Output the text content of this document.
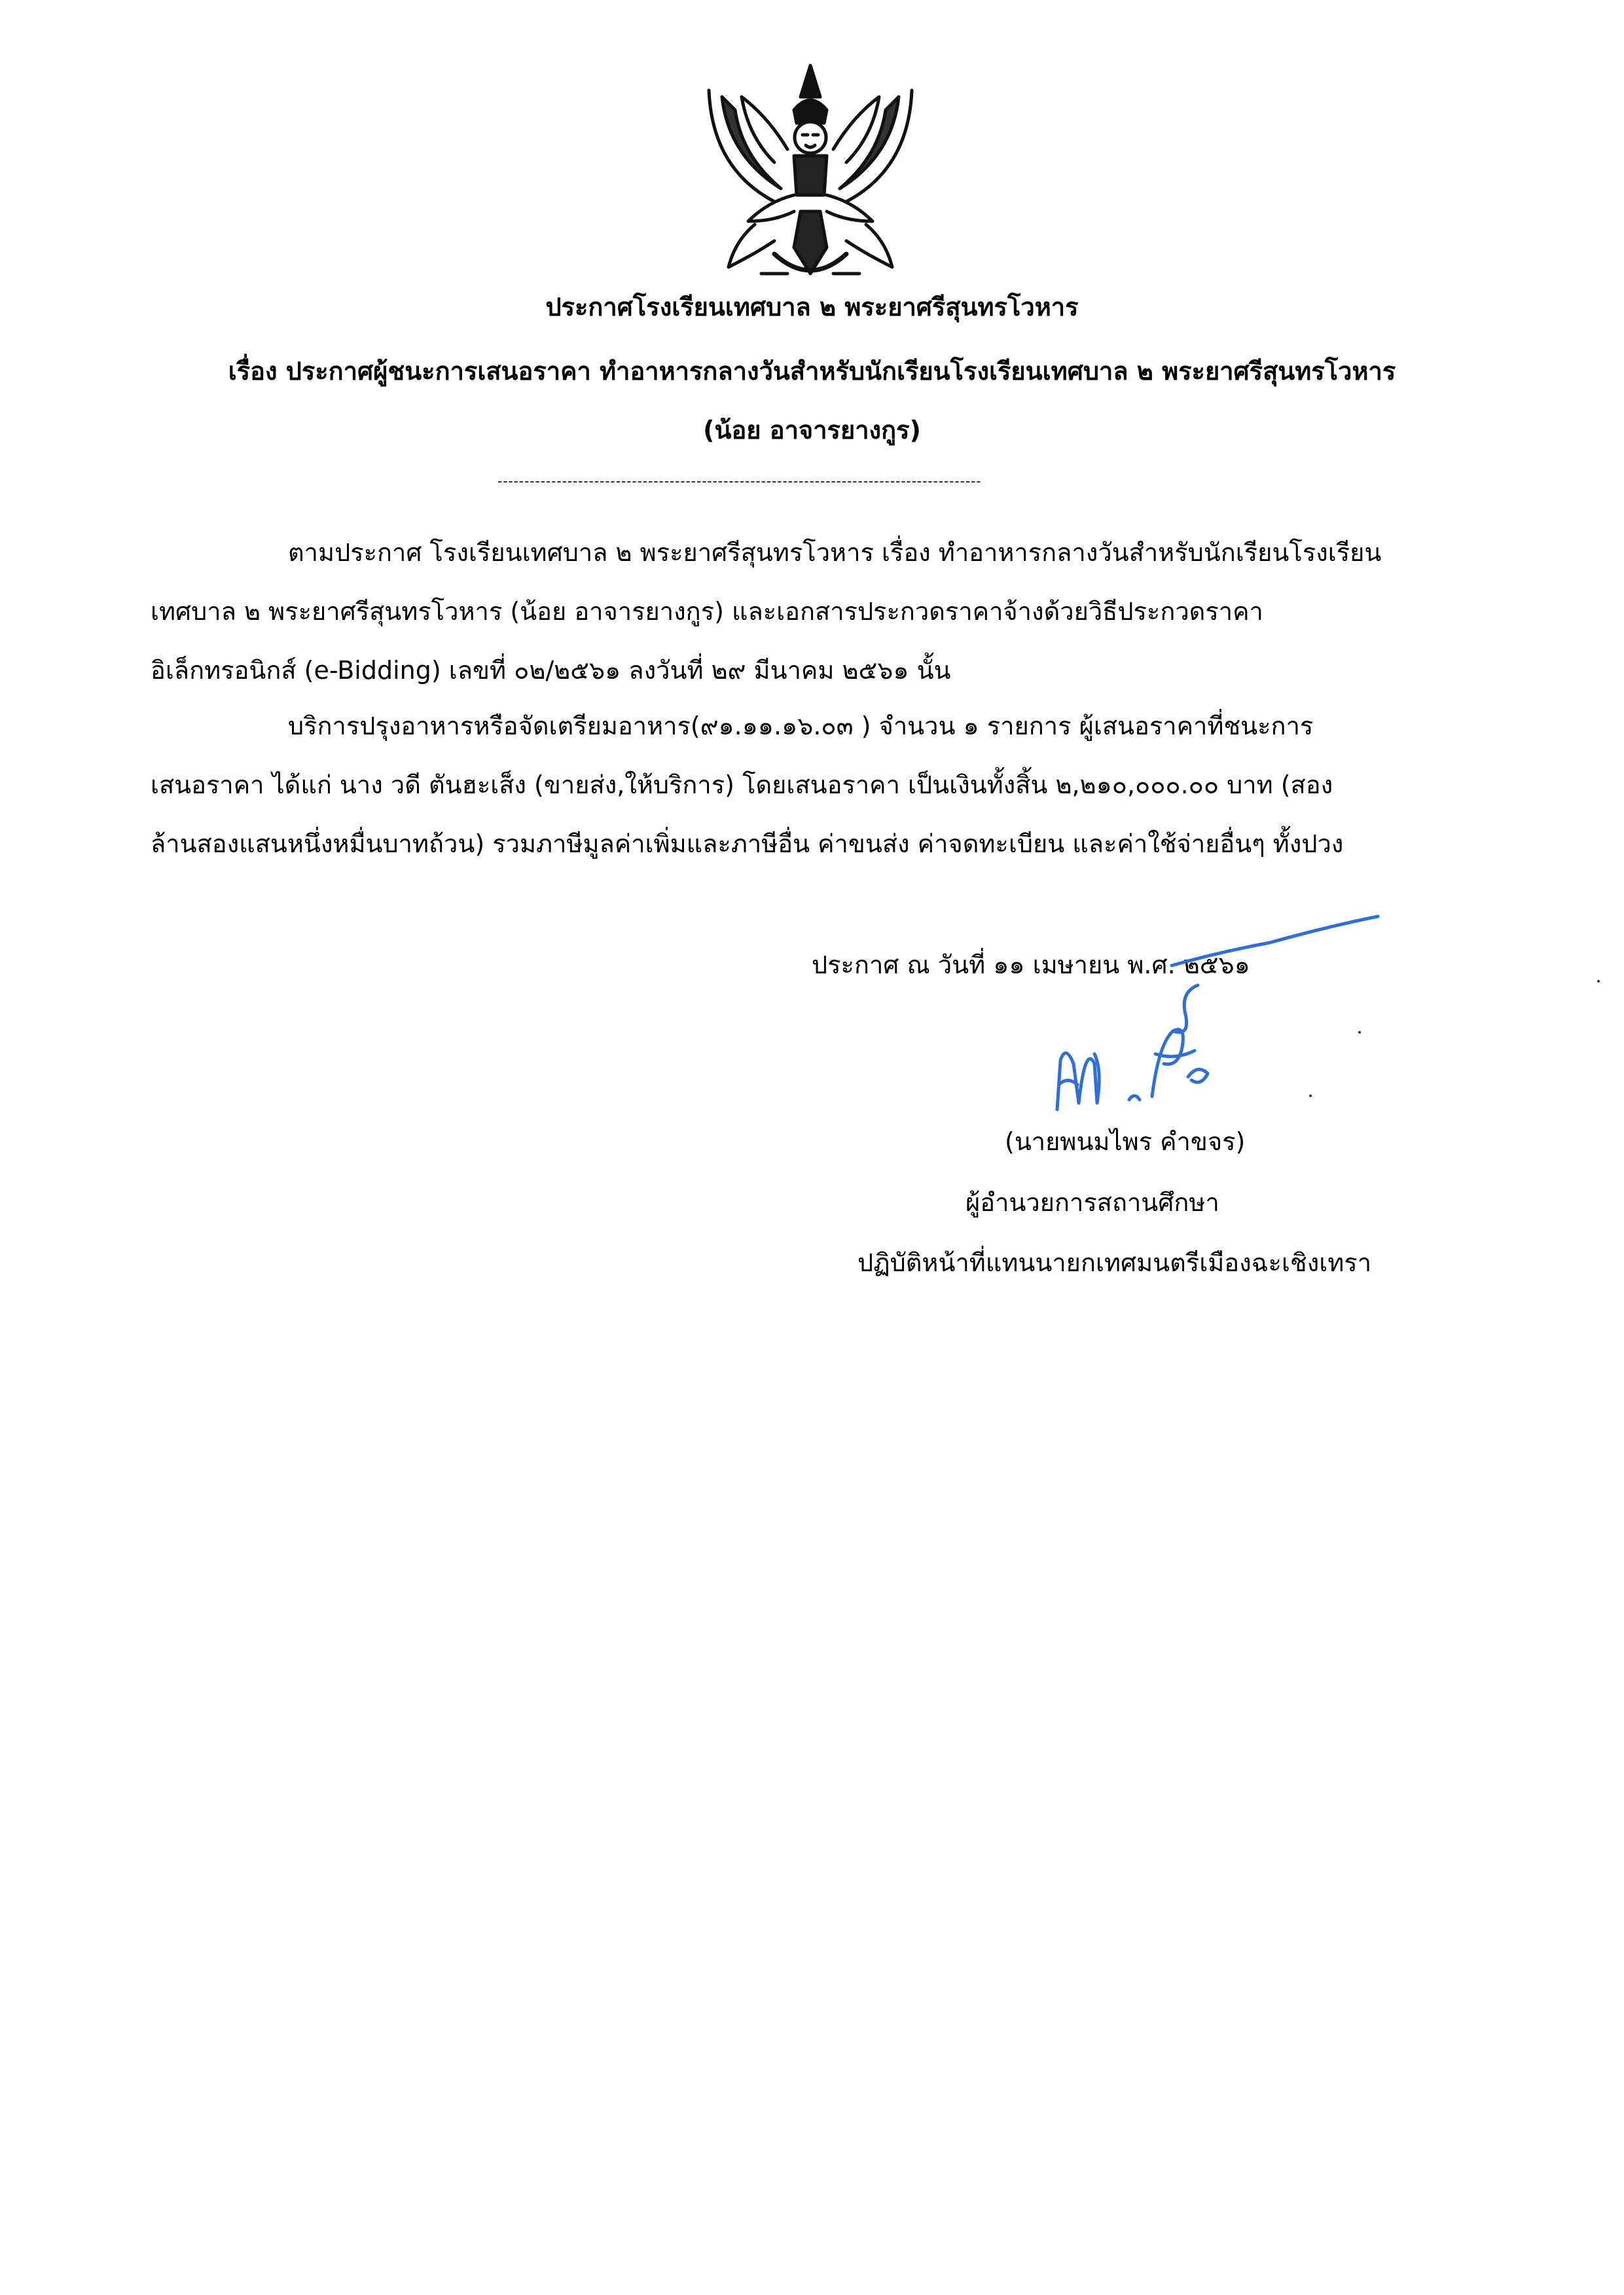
ประกาศโรงเรียนเทศบาล ๒ พระยาศรีสุนทรโวหาร
เรื่อง ประกาศผู้ชนะการเสนอราคา ทำอาหารกลางวันสำหรับนักเรียนโรงเรียนเทศบาล ๒ พระยาศรีสุนทรโวหาร
(น้อย อาจารยางกูร)
------------------------------------------------------------------------------------------
ตามประกาศ โรงเรียนเทศบาล ๒ พระยาศรีสุนทรโวหาร เรื่อง ทำอาหารกลางวันสำหรับนักเรียนโรงเรียน
เทศบาล ๒ พระยาศรีสุนทรโวหาร (น้อย อาจารยางกูร) และเอกสารประกวดราคาจ้างด้วยวิธีประกวดราคา
อิเล็กทรอนิกส์ (e-Bidding) เลขที่ ๐๒/๒๕๖๑ ลงวันที่ ๒๙ มีนาคม ๒๕๖๑ นั้น
บริการปรุงอาหารหรือจัดเตรียมอาหาร(๙๑.๑๑.๑๖.๐๓ ) จำนวน ๑ รายการ ผู้เสนอราคาที่ชนะการ
เสนอราคา ได้แก่ นาง วดี ตันฮะเส็ง (ขายส่ง,ให้บริการ) โดยเสนอราคา เป็นเงินทั้งสิ้น ๒,๒๑๐,๐๐๐.๐๐ บาท (สอง
ล้านสองแสนหนึ่งหมื่นบาทถ้วน) รวมภาษีมูลค่าเพิ่มและภาษีอื่น ค่าขนส่ง ค่าจดทะเบียน และค่าใช้จ่ายอื่นๆ ทั้งปวง
ประกาศ ณ วันที่ ๑๑ เมษายน พ.ศ. ๒๕๖๑
(นายพนมไพร คำขจร)
ผู้อำนวยการสถานศึกษา
ปฏิบัติหน้าที่แทนนายกเทศมนตรีเมืองฉะเชิงเทรา
